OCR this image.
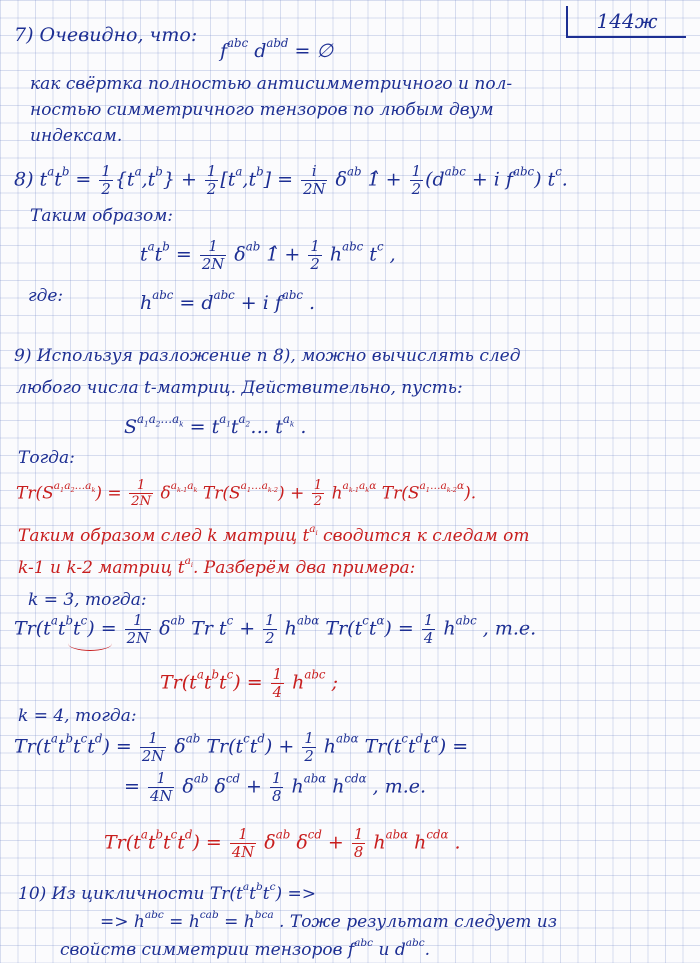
144ж
7) Очевидно, что:
$f^{abc}$ $d^{abd}$ = ∅
как свёртка полностью антисимметричного и пол-
ностью симметричного тензоров по любым двум
индексам.
8) $t^at^b = \frac{1}{2} \{t^a,t^b\} + \frac{1}{2} [t^a,t^b] = \frac{i}{2N} \delta^{ab}$ 1̂ + $\frac{1}{2} (d^{abc} + i$ $f^{abc}$) $t^c$.
Таким образом:
$t^at^b = \frac{1}{2N} \delta^{ab}$ 1̂ + $\frac{1}{2} h^{abc}$ $t^c$ ,
где:	$h^{abc} = d^{abc} + i$ $f^{abc}$ .
9) Используя разложение п 8), можно вычислять след
любого числа t-матриц. Действительно, пусть:
$S^{a_1a_2\dots a_k}$ = $t^{a_1}t^{a_2}\dots$ $t^{a_k}$ .
Тогда:
$Tr(S^{a_1a_2\dots a_k}) = \frac{1}{2N} \delta^{a_{k-1}a_k}$ $Tr(S^{a_1\dots a_{k-2}}) + \frac{1}{2} h^{a_{k-1}a_k\alpha}$ $Tr(S^{a_1\dots a_{k-2}\alpha})$.
Таким образом след k матриц $t^{a_i}$ сводится к следам от
k-1 и k-2 матриц $t^{a_i}$. Разберём два примера:
k = 3, тогда:
$Tr(t^at^bt^c) = \frac{1}{2N} \delta^{ab}$ Tr $t^c + \frac{1}{2} h^{ab\alpha}$ $Tr(t^ct^\alpha) = \frac{1}{4} h^{abc}$ , т.е.
$Tr(t^at^bt^c) = \frac{1}{4} h^{abc}$ ;
k = 4, тогда:
$Tr(t^at^bt^ct^d) = \frac{1}{2N} \delta^{ab}$ $Tr(t^ct^d) + \frac{1}{2} h^{ab\alpha}$ $Tr(t^ct^dt^\alpha)$ =
= $\frac{1}{4N} \delta^{ab}$ $\delta^{cd} + \frac{1}{8} h^{ab\alpha}$ $h^{cd\alpha}$ , т.е.
$Tr(t^at^bt^ct^d) = \frac{1}{4N} \delta^{ab}$ $\delta^{cd} + \frac{1}{8} h^{ab\alpha}$ $h^{cd\alpha}$ .
10) Из цикличности $Tr(t^at^bt^c)$ =>
=> $h^{abc} = h^{cab} = h^{bca}$ . Тоже результат следует из
свойств симметрии тензоров $f^{abc}$ и $d^{abc}$.
